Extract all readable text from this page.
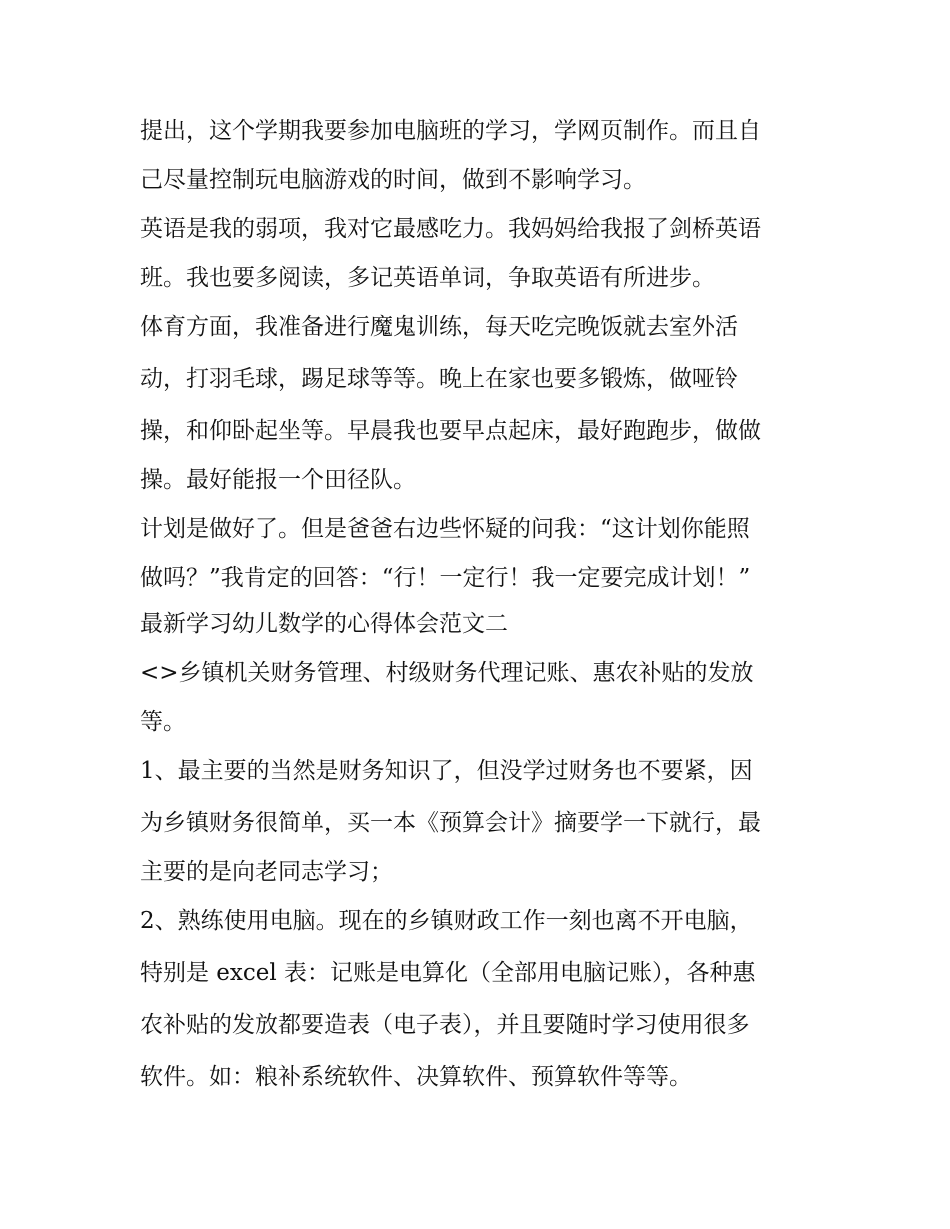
提出，这个学期我要参加电脑班的学习，学网页制作。而且自
己尽量控制玩电脑游戏的时间，做到不影响学习。
英语是我的弱项，我对它最感吃力。我妈妈给我报了剑桥英语
班。我也要多阅读，多记英语单词，争取英语有所进步。
体育方面，我准备进行魔鬼训练，每天吃完晚饭就去室外活
动，打羽毛球，踢足球等等。晚上在家也要多锻炼，做哑铃
操，和仰卧起坐等。早晨我也要早点起床，最好跑跑步，做做
操。最好能报一个田径队。
计划是做好了。但是爸爸右边些怀疑的问我：“这计划你能照
做吗？”我肯定的回答：“行！一定行！我一定要完成计划！”
最新学习幼儿数学的心得体会范文二
<>乡镇机关财务管理、村级财务代理记账、惠农补贴的发放
等。
1、最主要的当然是财务知识了，但没学过财务也不要紧，因
为乡镇财务很简单，买一本《预算会计》摘要学一下就行，最
主要的是向老同志学习；
2、熟练使用电脑。现在的乡镇财政工作一刻也离不开电脑，
特别是 excel 表：记账是电算化（全部用电脑记账），各种惠
农补贴的发放都要造表（电子表），并且要随时学习使用很多
软件。如：粮补系统软件、决算软件、预算软件等等。
